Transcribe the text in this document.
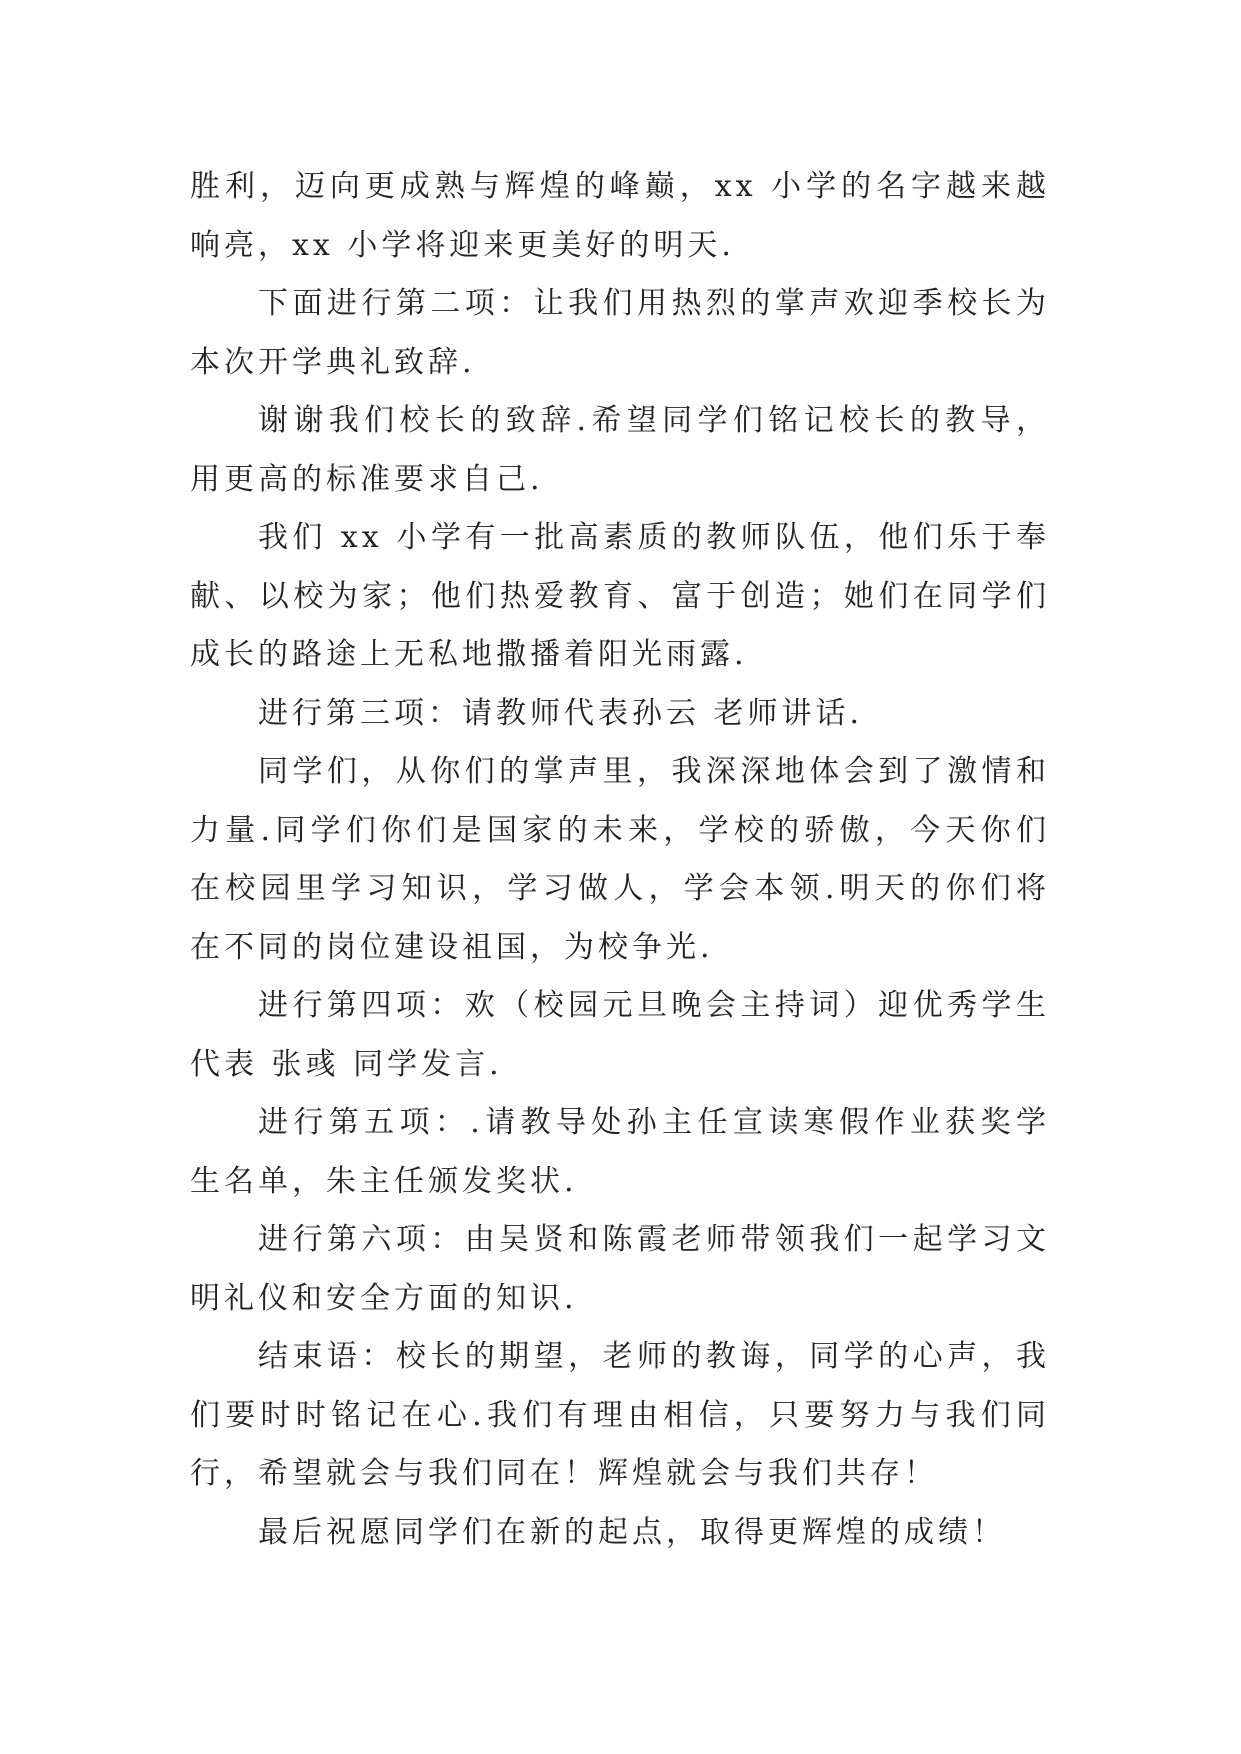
胜利，迈向更成熟与辉煌的峰巅，xx 小学的名字越来越响亮，xx 小学将迎来更美好的明天.

下面进行第二项：让我们用热烈的掌声欢迎季校长为本次开学典礼致辞.

谢谢我们校长的致辞.希望同学们铭记校长的教导，用更高的标准要求自己.

我们 xx 小学有一批高素质的教师队伍，他们乐于奉献、以校为家；他们热爱教育、富于创造；她们在同学们成长的路途上无私地撒播着阳光雨露.

进行第三项：请教师代表孙云 老师讲话.

同学们，从你们的掌声里，我深深地体会到了激情和力量.同学们你们是国家的未来，学校的骄傲，今天你们在校园里学习知识，学习做人，学会本领.明天的你们将在不同的岗位建设祖国，为校争光.

进行第四项：欢（校园元旦晚会主持词）迎优秀学生代表 张彧 同学发言.

进行第五项：.请教导处孙主任宣读寒假作业获奖学生名单，朱主任颁发奖状.

进行第六项：由吴贤和陈霞老师带领我们一起学习文明礼仪和安全方面的知识.

结束语：校长的期望，老师的教诲，同学的心声，我们要时时铭记在心.我们有理由相信，只要努力与我们同行，希望就会与我们同在！辉煌就会与我们共存！

最后祝愿同学们在新的起点，取得更辉煌的成绩！
